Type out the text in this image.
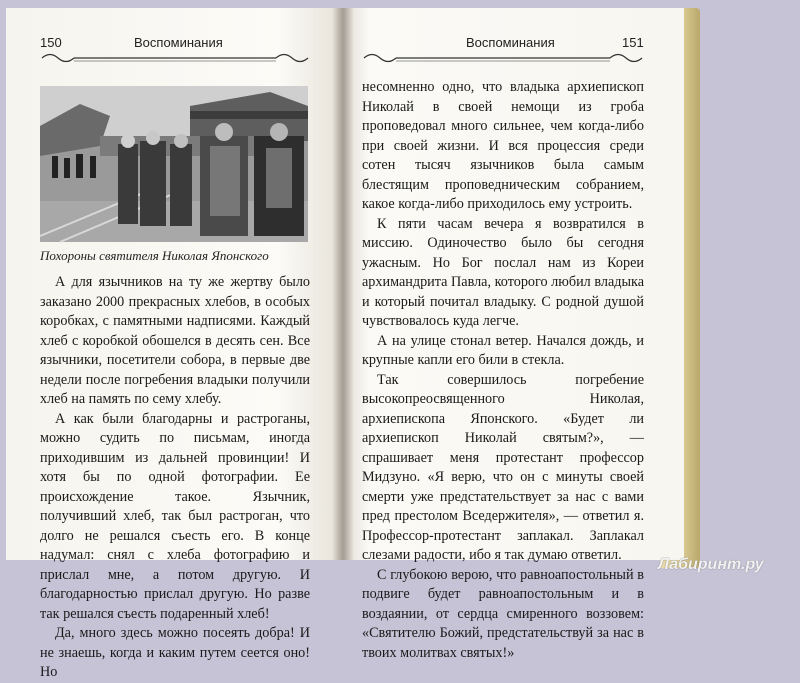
150	Воспоминания
Похороны святителя Николая Японского

А для язычников на ту же жертву было заказано 2000 прекрасных хлебов, в особых коробках, с памятными надписями. Каждый хлеб с коробкой обошелся в десять сен. Все язычники, посетители собора, в первые две недели после погребения владыки получили хлеб на память по сему хлебу.

А как были благодарны и растроганы, можно судить по письмам, иногда приходившим из дальней провинции! И хотя бы по одной фотографии. Ее происхождение такое. Язычник, получивший хлеб, так был растроган, что долго не решался съесть его. В конце надумал: снял с хлеба фотографию и прислал мне, а потом другую. И благодарностью прислал другую. Но разве так решался съесть подаренный хлеб!

Да, много здесь можно посеять добра! И не знаешь, когда и каким путем сеется оно! Но

Воспоминания	151

несомненно одно, что владыка архиепископ Николай в своей немощи из гроба проповедовал много сильнее, чем когда-либо при своей жизни. И вся процессия среди сотен тысяч язычников была самым блестящим проповедническим собранием, какое когда-либо приходилось ему устроить.

К пяти часам вечера я возвратился в миссию. Одиночество было бы сегодня ужасным. Но Бог послал нам из Кореи архимандрита Павла, которого любил владыка и который почитал владыку. С родной душой чувствовалось куда легче.

А на улице стонал ветер. Начался дождь, и крупные капли его били в стекла.

Так совершилось погребение высокопреосвященного Николая, архиепископа Японского. «Будет ли архиепископ Николай святым?», — спрашивает меня протестант профессор Мидзуно. «Я верю, что он с минуты своей смерти уже предстательствует за нас с вами пред престолом Вседержителя», — ответил я. Профессор-протестант заплакал. Заплакал слезами радости, ибо я так думаю ответил.

С глубокою верою, что равноапостольный в подвиге будет равноапостольным и в воздаянии, от сердца смиренного воззовем: «Святителю Божий, предстательствуй за нас в твоих молитвах святых!»

Лабиринт.ру
